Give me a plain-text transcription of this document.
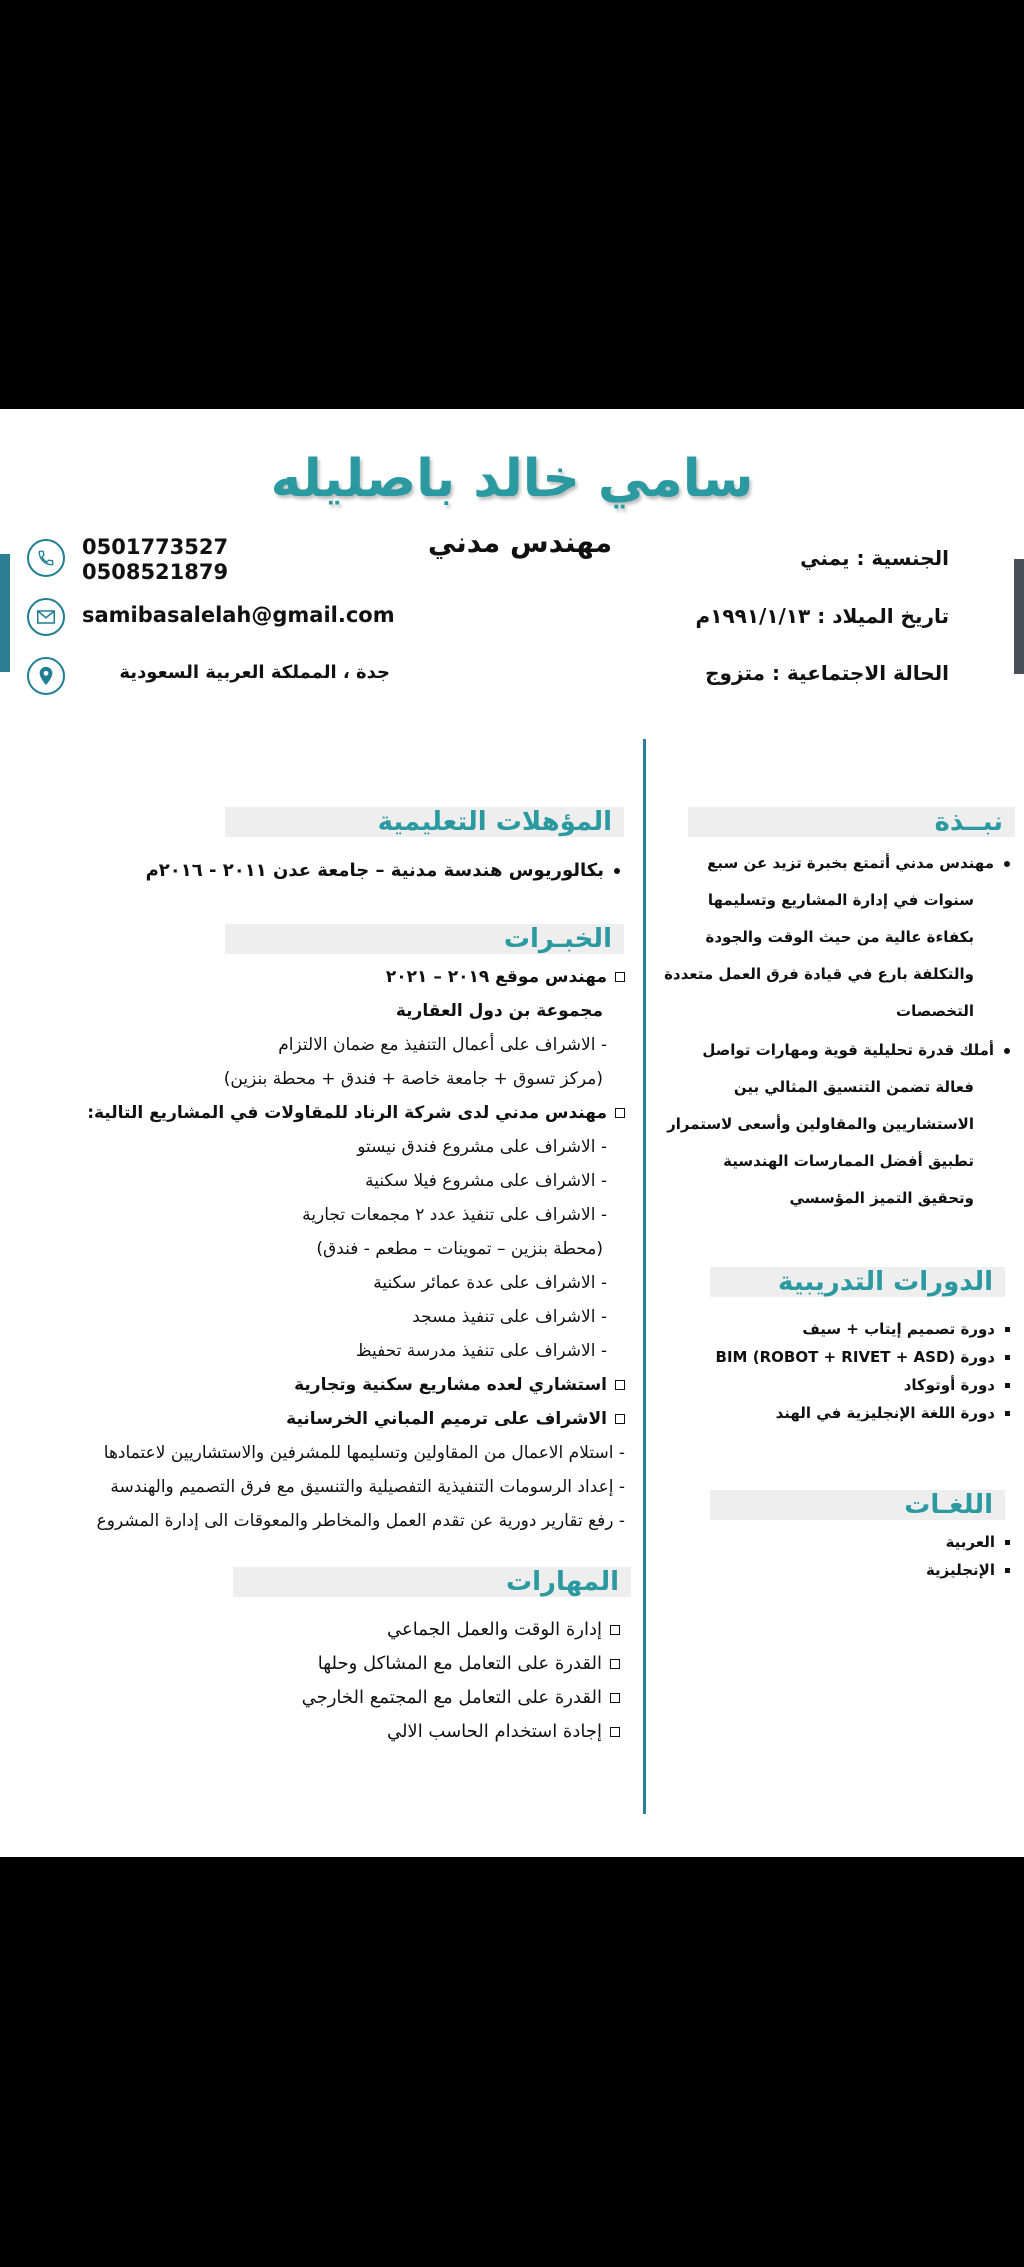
سامي خالد باصليله
مهندس مدني
0501773527
0508521879
samibasalelah@gmail.com
جدة ، المملكة العربية السعودية
الجنسية : يمني
تاريخ الميلاد : ١٩٩١/١/١٣م
الحالة الاجتماعية : متزوج
نبــذة
مهندس مدني أتمتع بخبرة تزيد عن سبع
سنوات في إدارة المشاريع وتسليمها
بكفاءة عالية من حيث الوقت والجودة
والتكلفة بارع في قيادة فرق العمل متعددة
التخصصات
أملك قدرة تحليلية قوية ومهارات تواصل
فعالة تضمن التنسيق المثالي بين
الاستشاريين والمقاولين وأسعى لاستمرار
تطبيق أفضل الممارسات الهندسية
وتحقيق التميز المؤسسي
الدورات التدريبية
دورة تصميم إيتاب + سيف
دورة (ROBOT + RIVET + ASD) BIM
دورة أوتوكاد
دورة اللغة الإنجليزية في الهند
اللغـات
العربية
الإنجليزية
المؤهلات التعليمية
بكالوريوس هندسة مدنية – جامعة عدن ٢٠١١ - ٢٠١٦م
الخبـرات
مهندس موقع ٢٠١٩ – ٢٠٢١
مجموعة بن دول العقارية
- الاشراف على أعمال التنفيذ مع ضمان الالتزام
(مركز تسوق + جامعة خاصة + فندق + محطة بنزين)
مهندس مدني لدى شركة الرناد للمقاولات في المشاريع التالية:
- الاشراف على مشروع فندق نيستو
- الاشراف على مشروع فيلا سكنية
- الاشراف على تنفيذ عدد ٢ مجمعات تجارية
(محطة بنزين – تموينات – مطعم - فندق)
- الاشراف على عدة عمائر سكنية
- الاشراف على تنفيذ مسجد
- الاشراف على تنفيذ مدرسة تحفيظ
استشاري لعده مشاريع سكنية وتجارية
الاشراف على ترميم المباني الخرسانية
- استلام الاعمال من المقاولين وتسليمها للمشرفين والاستشاريين لاعتمادها
- إعداد الرسومات التنفيذية التفصيلية والتنسيق مع فرق التصميم والهندسة
- رفع تقارير دورية عن تقدم العمل والمخاطر والمعوقات الى إدارة المشروع
المهارات
إدارة الوقت والعمل الجماعي
القدرة على التعامل مع المشاكل وحلها
القدرة على التعامل مع المجتمع الخارجي
إجادة استخدام الحاسب الالي
